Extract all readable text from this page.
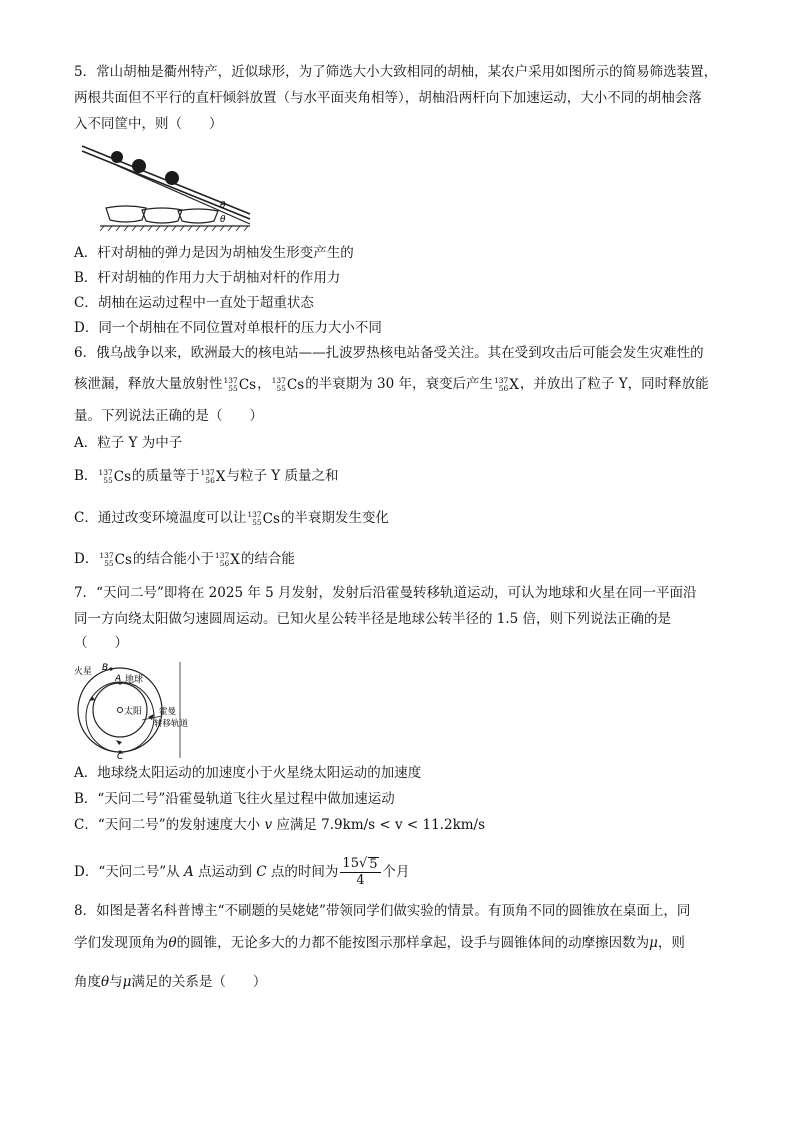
5．常山胡柚是衢州特产，近似球形，为了筛选大小大致相同的胡柚，某农户采用如图所示的简易筛选装置，
两根共面但不平行的直杆倾斜放置（与水平面夹角相等），胡柚沿两杆向下加速运动，大小不同的胡柚会落
入不同筐中，则（　　）
θ
θ
A．杆对胡柚的弹力是因为胡柚发生形变产生的
B．杆对胡柚的作用力大于胡柚对杆的作用力
C．胡柚在运动过程中一直处于超重状态
D．同一个胡柚在不同位置对单根杆的压力大小不同
6．俄乌战争以来，欧洲最大的核电站——扎波罗热核电站备受关注。其在受到攻击后可能会发生灾难性的
核泄漏，释放大量放射性 137
55 Cs ， 137
55 Cs 的半衰期为 30 年，衰变后产生 137
56 X ，并放出了粒子 Y，同时释放能
量。下列说法正确的是（　　）
A．粒子 Y 为中子
B． 137
55 Cs 的质量等于 137
56 X 与粒子 Y 质量之和
C．通过改变环境温度可以让 137
55 Cs 的半衰期发生变化
D． 137
55 Cs 的结合能小于 137
56 X 的结合能
7．“天问二号”即将在 2025 年 5 月发射，发射后沿霍曼转移轨道运动，可认为地球和火星在同一平面沿
同一方向绕太阳做匀速圆周运动。已知火星公转半径是地球公转半径的 1.5 倍，则下列说法正确的是
（　　）
火星 B
A 地球
太阳 霍曼
转移轨道
C
A．地球绕太阳运动的加速度小于火星绕太阳运动的加速度
B．“天问二号”沿霍曼轨道飞往火星过程中做加速运动
C．“天问二号”的发射速度大小 v 应满足 7.9km/s < v < 11.2km/s
D．“天问二号”从 A 点运动到 C 点的时间为 $\frac{15 √ 5}{4}$ 个月
8．如图是著名科普博主“不刷题的吴姥姥”带领同学们做实验的情景。有顶角不同的圆锥放在桌面上，同
学们发现顶角为θ的圆锥，无论多大的力都不能按图示那样拿起，设手与圆锥体间的动摩擦因数为μ，则
角度θ与μ满足的关系是（　　）
